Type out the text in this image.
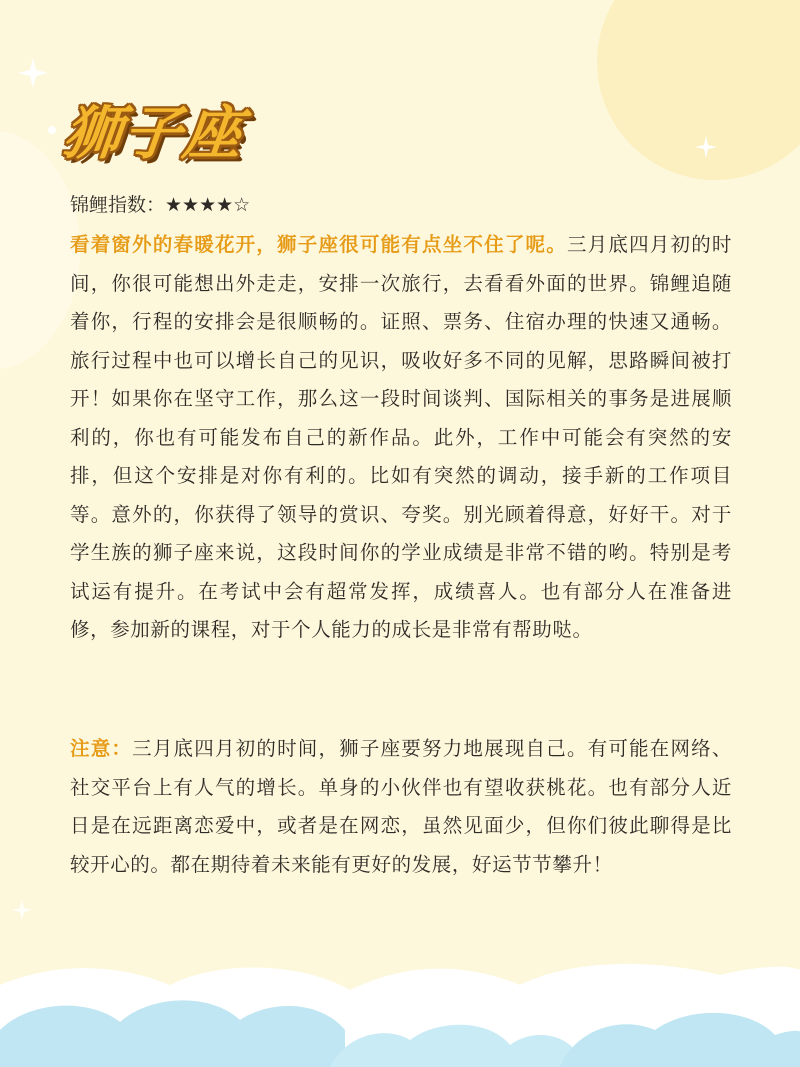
狮子座
锦鲤指数：★★★★☆

看着窗外的春暖花开，狮子座很可能有点坐不住了呢。三月底四月初的时间，你很可能想出外走走，安排一次旅行，去看看外面的世界。锦鲤追随着你，行程的安排会是很顺畅的。证照、票务、住宿办理的快速又通畅。旅行过程中也可以增长自己的见识，吸收好多不同的见解，思路瞬间被打开！如果你在坚守工作，那么这一段时间谈判、国际相关的事务是进展顺利的，你也有可能发布自己的新作品。此外，工作中可能会有突然的安排，但这个安排是对你有利的。比如有突然的调动，接手新的工作项目等。意外的，你获得了领导的赏识、夸奖。别光顾着得意，好好干。对于学生族的狮子座来说，这段时间你的学业成绩是非常不错的哟。特别是考试运有提升。在考试中会有超常发挥，成绩喜人。也有部分人在准备进修，参加新的课程，对于个人能力的成长是非常有帮助哒。

注意：三月底四月初的时间，狮子座要努力地展现自己。有可能在网络、社交平台上有人气的增长。单身的小伙伴也有望收获桃花。也有部分人近日是在远距离恋爱中，或者是在网恋，虽然见面少，但你们彼此聊得是比较开心的。都在期待着未来能有更好的发展，好运节节攀升！
